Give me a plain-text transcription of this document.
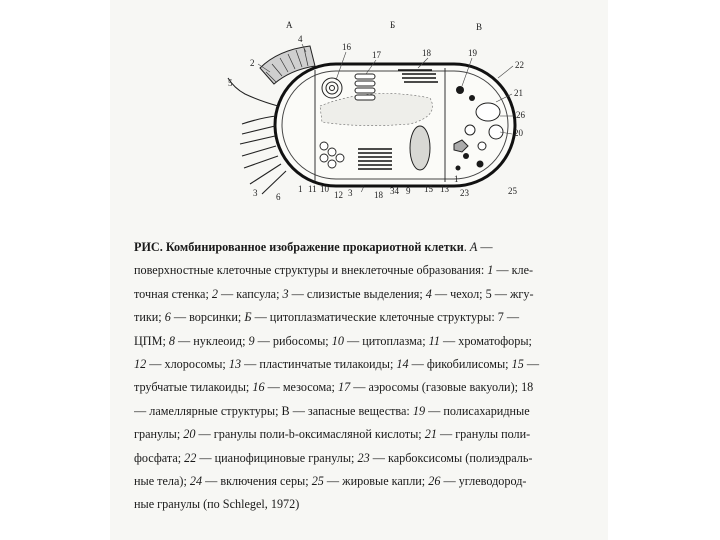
А	Б	В
2
4
16
17	18	19
22
21
26
20
5
3 6
1 11 10
12 3 7
18 34 9 15 13
1
23	25
РИС. Комбинированное изображение прокариотной клетки. А —
поверхностные клеточные структуры и внеклеточные образования: 1 — кле-
точная стенка; 2 — капсула; 3 — слизистые выделения; 4 — чехол; 5 — жгу-
тики; 6 — ворсинки; Б — цитоплазматические клеточные структуры: 7 —
ЦПМ; 8 — нуклеоид; 9 — рибосомы; 10 — цитоплазма; 11 — хроматофоры;
12 — хлоросомы; 13 — пластинчатые тилакоиды; 14 — фикобилисомы; 15 —
трубчатые тилакоиды; 16 — мезосома; 17 — аэросомы (газовые вакуоли); 18
— ламеллярные структуры; В — запасные вещества: 19 — полисахаридные
гранулы; 20 — гранулы поли-b-оксимасляной кислоты; 21 — гранулы поли-
фосфата; 22 — цианофициновые гранулы; 23 — карбоксисомы (полиэдраль-
ные тела); 24 — включения серы; 25 — жировые капли; 26 — углеводород-
ные гранулы (по Schlegel, 1972)
